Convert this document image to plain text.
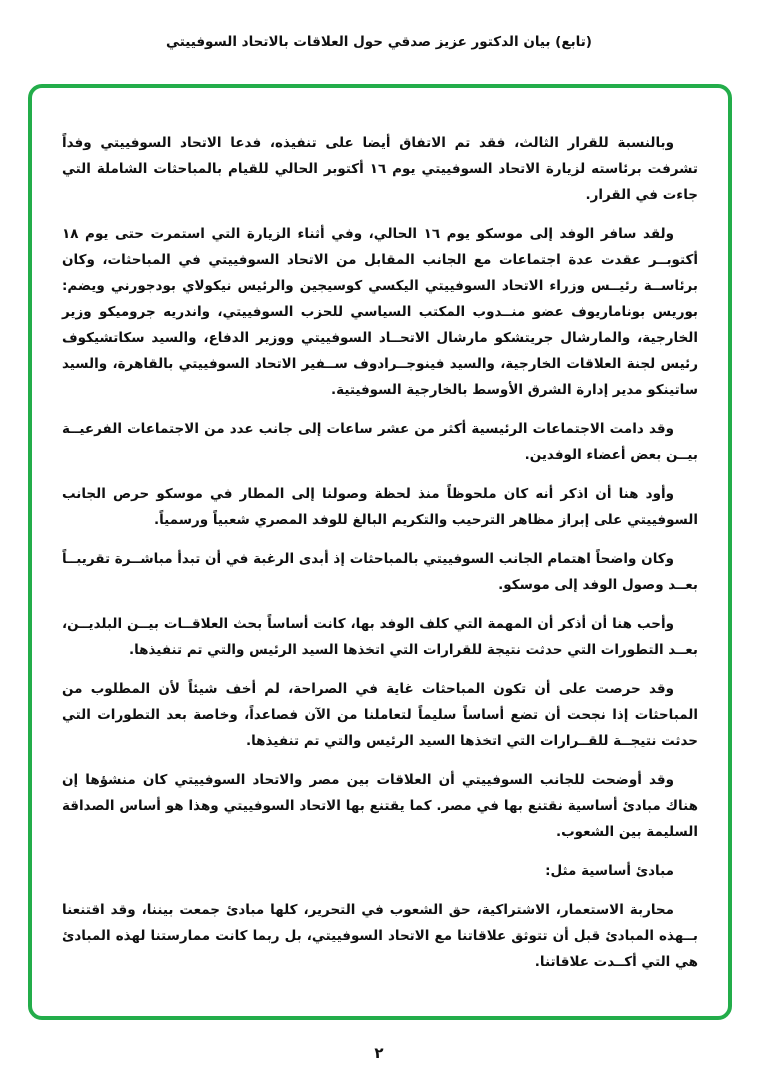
(تابع) بيان الدكتور عزيز صدقي حول العلاقات بالاتحاد السوفييتي

وبالنسبة للقرار الثالث، فقد تم الاتفاق أيضا على تنفيذه، فدعا الاتحاد السوفييتي وفداً تشرفت برئاسته لزيارة الاتحاد السوفييتي يوم ١٦ أكتوبر الحالي للقيام بالمباحثات الشاملة التي جاءت في القرار.

ولقد سافر الوفد إلى موسكو يوم ١٦ الحالي، وفي أثناء الزيارة التي استمرت حتى يوم ١٨ أكتوبــر عقدت عدة اجتماعات مع الجانب المقابل من الاتحاد السوفييتي في المباحثات، وكان برئاســة رئيــس وزراء الاتحاد السوفييتي اليكسي كوسيجين والرئيس نيكولاي بودجورني ويضم: بوريس بوناماريوف عضو منــدوب المكتب السياسي للحزب السوفييتي، واندريه جروميكو وزير الخارجية، والمارشال جريتشكو مارشال الاتحــاد السوفييتي ووزير الدفاع، والسيد سكاتشيكوف رئيس لجنة العلاقات الخارجية، والسيد فينوجــرادوف ســفير الاتحاد السوفييتي بالقاهرة، والسيد ساتينكو مدير إدارة الشرق الأوسط بالخارجية السوفيتية.

وقد دامت الاجتماعات الرئيسية أكثر من عشر ساعات إلى جانب عدد من الاجتماعات الفرعيــة بيــن بعض أعضاء الوفدين.

وأود هنا أن اذكر أنه كان ملحوظاً منذ لحظة وصولنا إلى المطار في موسكو حرص الجانب السوفييتي على إبراز مظاهر الترحيب والتكريم البالغ للوفد المصري شعبياً ورسمياً.

وكان واضحاً اهتمام الجانب السوفييتي بالمباحثات إذ أبدى الرغبة في أن تبدأ مباشــرة تقريبــاً بعــد وصول الوفد إلى موسكو.

وأحب هنا أن أذكر أن المهمة التي كلف الوفد بها، كانت أساساً بحث العلاقــات بيــن البلديــن، بعــد التطورات التي حدثت نتيجة للقرارات التي اتخذها السيد الرئيس والتي تم تنفيذها.

وقد حرصت على أن تكون المباحثات غاية في الصراحة، لم أخف شيئاً لأن المطلوب من المباحثات إذا نجحت أن تضع أساساً سليماً لتعاملنا من الآن فصاعداً، وخاصة بعد التطورات التي حدثت نتيجــة للقــرارات التي اتخذها السيد الرئيس والتي تم تنفيذها.

وقد أوضحت للجانب السوفييتي أن العلاقات بين مصر والاتحاد السوفييتي كان منشؤها إن هناك مبادئ أساسية نقتنع بها في مصر. كما يقتنع بها الاتحاد السوفييتي وهذا هو أساس الصداقة السليمة بين الشعوب.

مبادئ أساسية مثل:

محاربة الاستعمار، الاشتراكية، حق الشعوب في التحرير، كلها مبادئ جمعت بيننا، وقد اقتنعنا بــهذه المبادئ قبل أن تتوثق علاقاتنا مع الاتحاد السوفييتي، بل ربما كانت ممارستنا لهذه المبادئ هي التي أكــدت علاقاتنا.

٢
